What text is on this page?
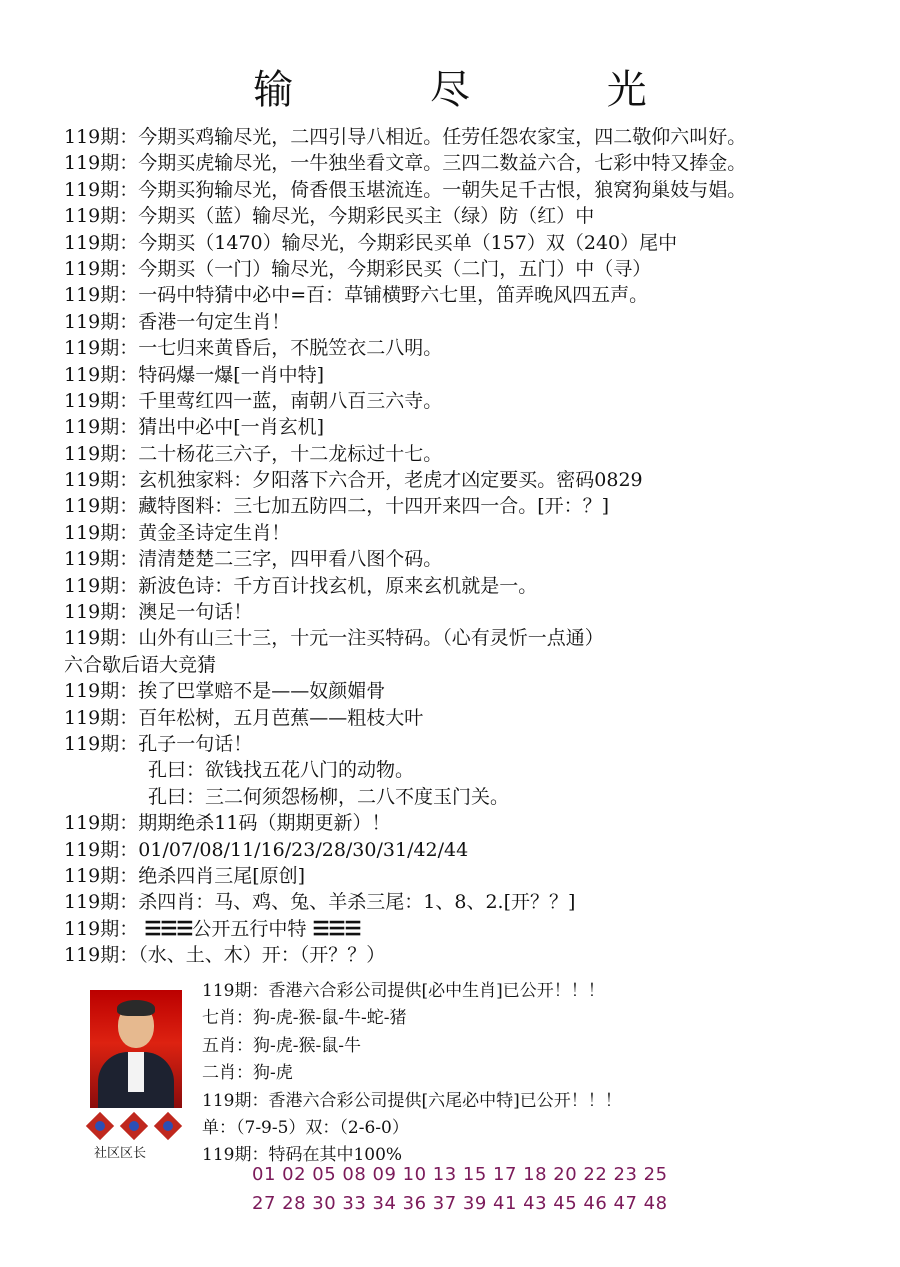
输 尽 光
119期：今期买鸡输尽光，二四引导八相近。任劳任怨农家宝，四二敬仰六叫好。
119期：今期买虎输尽光，一牛独坐看文章。三四二数益六合，七彩中特又捧金。
119期：今期买狗输尽光，倚香偎玉堪流连。一朝失足千古恨，狼窝狗巢妓与娼。
119期：今期买（蓝）输尽光，今期彩民买主（绿）防（红）中
119期：今期买（1470）输尽光，今期彩民买单（157）双（240）尾中
119期：今期买（一门）输尽光，今期彩民买（二门，五门）中（寻）
119期：一码中特猜中必中=百：草铺横野六七里，笛弄晚风四五声。
119期：香港一句定生肖！
119期：一七归来黄昏后，不脱笠衣二八明。
119期：特码爆一爆[一肖中特]
119期：千里莺红四一蓝，南朝八百三六寺。
119期：猜出中必中[一肖玄机]
119期：二十杨花三六子，十二龙标过十七。
119期：玄机独家料：夕阳落下六合开，老虎才凶定要买。密码0829
119期：藏特图料：三七加五防四二，十四开来四一合。[开：？]
119期：黄金圣诗定生肖！
119期：清清楚楚二三字，四甲看八图个码。
119期：新波色诗：千方百计找玄机，原来玄机就是一。
119期：澳足一句话！
119期：山外有山三十三，十元一注买特码。（心有灵忻一点通）
六合歇后语大竞猜
119期：挨了巴掌赔不是——奴颜媚骨
119期：百年松树，五月芭蕉——粗枝大叶
119期：孔子一句话！
孔曰：欲钱找五花八门的动物。
孔曰：三二何须怨杨柳，二八不度玉门关。
119期：期期绝杀11码（期期更新）！
119期：01/07/08/11/16/23/28/30/31/42/44
119期：绝杀四肖三尾[原创]
119期：杀四肖：马、鸡、兔、羊杀三尾：1、8、2.[开？？]
119期： ☰☰☰公开五行中特 ☰☰☰
119期：（水、土、木）开：（开？？）
社区区长
119期：香港六合彩公司提供[必中生肖]已公开！！！
七肖：狗-虎-猴-鼠-牛-蛇-猪
五肖：狗-虎-猴-鼠-牛
二肖：狗-虎
119期：香港六合彩公司提供[六尾必中特]已公开！！！
单：（7-9-5）双：（2-6-0）
119期：特码在其中100%
01 02 05 08 09 10 13 15 17 18 20 22 23 25
27 28 30 33 34 36 37 39 41 43 45 46 47 48
